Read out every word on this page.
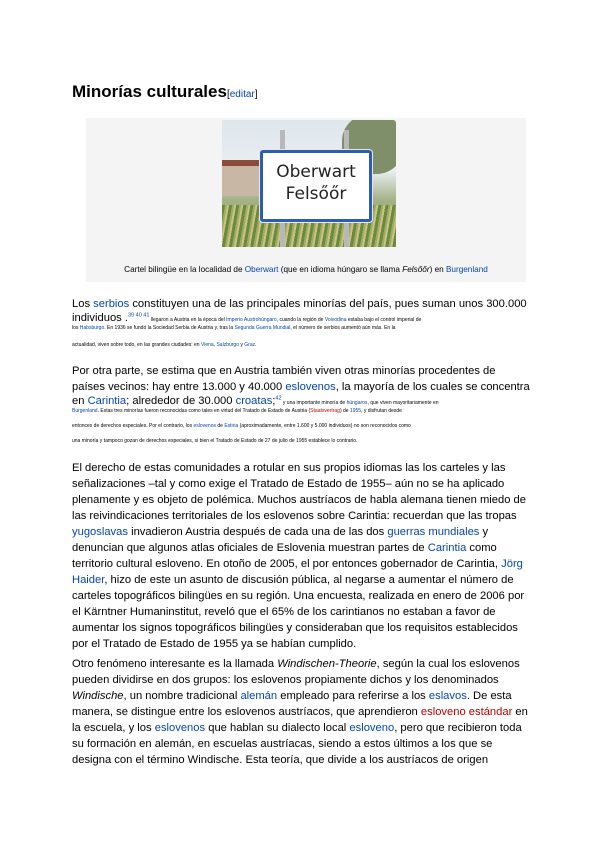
Minorías culturales[editar]
Oberwart
Felsőőr
Cartel bilingüe en la localidad de Oberwart (que en idioma húngaro se llama Felsőőr) en Burgenland
Los serbios constituyen una de las principales minorías del país, pues suman unos 300.000
individuos .$^{39 40 41}$ llegaron a Austria en la época del Imperio Austrohúngaro, cuando la región de Voivodina estaba bajo el control imperial de
los Habsburgo. En 1936 se fundó la Sociedad Serbia de Austria y, tras la Segunda Guerra Mundial, el número de serbios aumentó aún más. En la
actualidad, viven sobre todo, en las grandes ciudades: en Viena, Salzburgo y Graz.
Por otra parte, se estima que en Austria también viven otras minorías procedentes de
países vecinos: hay entre 13.000 y 40.000 eslovenos, la mayoría de los cuales se concentra
en Carintia; alrededor de 30.000 croatas;$^{42}$ y una importante minoría de húngaros, que viven mayoritariamente en
Burgenland. Estas tres minorías fueron reconocidas como tales en virtud del Tratado de Estado de Austria (Staatsvertrag) de 1955, y disfrutan desde
entonces de derechos especiales. Por el contrario, los eslovenos de Estiria (aproximadamente, entre 1.600 y 5.000 individuos) no son reconocidos como
una minoría y tampoco gozan de derechos especiales, si bien el Tratado de Estado de 27 de julio de 1955 establece lo contrario.
El derecho de estas comunidades a rotular en sus propios idiomas las los carteles y las
señalizaciones –tal y como exige el Tratado de Estado de 1955– aún no se ha aplicado
plenamente y es objeto de polémica. Muchos austríacos de habla alemana tienen miedo de
las reivindicaciones territoriales de los eslovenos sobre Carintia: recuerdan que las tropas
yugoslavas invadieron Austria después de cada una de las dos guerras mundiales y
denuncian que algunos atlas oficiales de Eslovenia muestran partes de Carintia como
territorio cultural esloveno. En otoño de 2005, el por entonces gobernador de Carintia, Jörg
Haider, hizo de este un asunto de discusión pública, al negarse a aumentar el número de
carteles topográficos bilingües en su región. Una encuesta, realizada en enero de 2006 por
el Kärntner Humaninstitut, reveló que el 65% de los carintianos no estaban a favor de
aumentar los signos topográficos bilingües y consideraban que los requisitos establecidos
por el Tratado de Estado de 1955 ya se habían cumplido.
Otro fenómeno interesante es la llamada Windischen-Theorie, según la cual los eslovenos
pueden dividirse en dos grupos: los eslovenos propiamente dichos y los denominados
Windische, un nombre tradicional alemán empleado para referirse a los eslavos. De esta
manera, se distingue entre los eslovenos austríacos, que aprendieron esloveno estándar en
la escuela, y los eslovenos que hablan su dialecto local esloveno, pero que recibieron toda
su formación en alemán, en escuelas austríacas, siendo a estos últimos a los que se
designa con el término Windische. Esta teoría, que divide a los austríacos de origen
